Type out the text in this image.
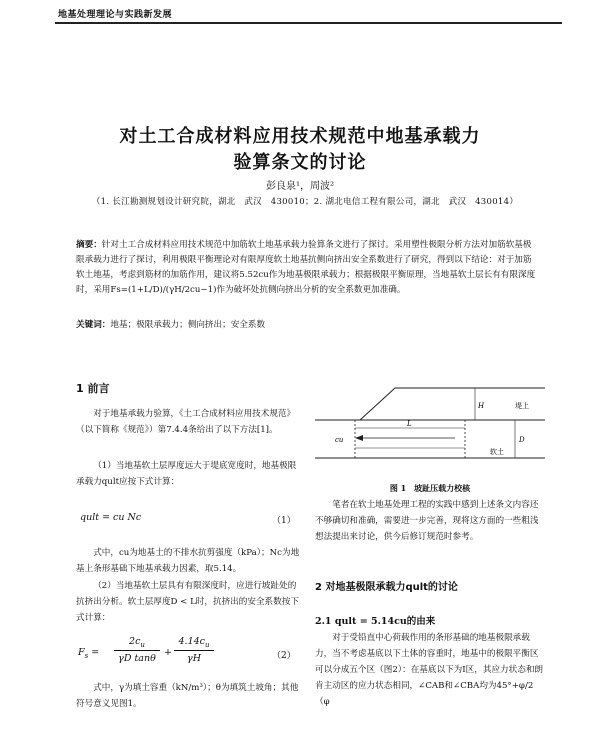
地基处理理论与实践新发展
对土工合成材料应用技术规范中地基承载力
验算条文的讨论
彭良泉¹，周波²
（1. 长江勘测规划设计研究院，湖北　武汉　430010；2. 湖北电信工程有限公司，湖北　武汉　430014）
摘要：针对土工合成材料应用技术规范中加筋软土地基承载力验算条文进行了探讨。采用塑性极限分析方法对加筋软基极限承载力进行了探讨，利用极限平衡理论对有限厚度软土地基抗侧向挤出安全系数进行了研究，得到以下结论：对于加筋软土地基，考虑到筋材的加筋作用，建议将5.52cu作为地基极限承载力；根据极限平衡原理，当地基软土层长有有限深度时，采用Fs=(1+L/D)/(γH/2cu−1)作为破坏处抗侧向挤出分析的安全系数更加准确。
关键词：地基；极限承载力；侧向挤出；安全系数
1 前言
对于地基承载力验算，《土工合成材料应用技术规范》（以下简称《规范》）第7.4.4条给出了以下方法[1]。
（1）当地基软土层厚度远大于堤底宽度时，地基极限承载力qult应按下式计算：
qult = cu Nc	（1）
式中，cu为地基土的不排水抗剪强度（kPa）；Nc为地基上条形基础下地基承载力因素，取5.14。
（2）当地基软土层具有有限深度时，应进行坡趾处的抗挤出分析。软土层厚度D < L时，抗挤出的安全系数按下式计算：
$F_s$ =
$2c_u$
γD tanθ
+
$4.14c_u$
γH	（2）
式中，γ为填土容重（kN/m³）；θ为填筑土坡角；其他符号意义见图1。
堤上
H
L
D
cu
软土
图 1　坡趾压载力校核
笔者在软土地基处理工程的实践中感到上述条文内容还不够确切和准确，需要进一步完善，现将这方面的一些粗浅想法提出来讨论，供今后修订规范时参考。
2 对地基极限承载力qult的讨论
2.1 qult = 5.14cu的由来
对于受铅直中心荷载作用的条形基础的地基极限承载力，当不考虑基底以下土体的容重时，地基中的极限平衡区可以分成五个区（图2）：在基底以下为Ⅰ区，其应力状态和朗肯主动区的应力状态相同，∠CAB和∠CBA均为45°+φ/2（φ
